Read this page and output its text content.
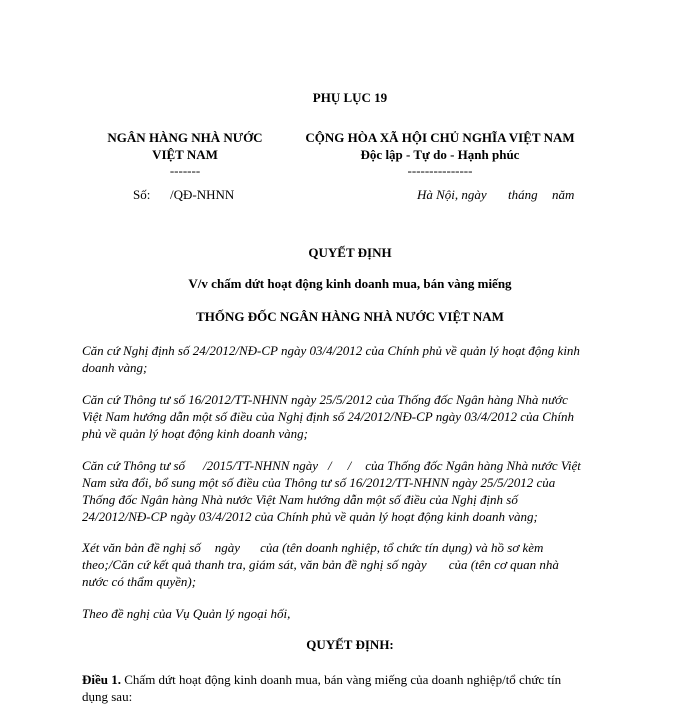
PHỤ LỤC 19
NGÂN HÀNG NHÀ NƯỚC
VIỆT NAM
-------
Số: /QĐ-NHNN
CỘNG HÒA XÃ HỘI CHỦ NGHĨA VIỆT NAM
Độc lập - Tự do - Hạnh phúc
---------------
Hà Nội, ngày tháng năm
QUYẾT ĐỊNH
V/v chấm dứt hoạt động kinh doanh mua, bán vàng miếng
THỐNG ĐỐC NGÂN HÀNG NHÀ NƯỚC VIỆT NAM
Căn cứ Nghị định số 24/2012/NĐ-CP ngày 03/4/2012 của Chính phủ về quản lý hoạt động kinh
doanh vàng;
Căn cứ Thông tư số 16/2012/TT-NHNN ngày 25/5/2012 của Thống đốc Ngân hàng Nhà nước
Việt Nam hướng dẫn một số điều của Nghị định số 24/2012/NĐ-CP ngày 03/4/2012 của Chính
phủ về quản lý hoạt động kinh doanh vàng;
Căn cứ Thông tư số /2015/TT-NHNN ngày / / của Thống đốc Ngân hàng Nhà nước Việt
Nam sửa đổi, bổ sung một số điều của Thông tư số 16/2012/TT-NHNN ngày 25/5/2012 của
Thống đốc Ngân hàng Nhà nước Việt Nam hướng dẫn một số điều của Nghị định số
24/2012/NĐ-CP ngày 03/4/2012 của Chính phủ về quản lý hoạt động kinh doanh vàng;
Xét văn bản đề nghị số ngày của (tên doanh nghiệp, tổ chức tín dụng) và hồ sơ kèm
theo;/Căn cứ kết quả thanh tra, giám sát, văn bản đề nghị số ngày của (tên cơ quan nhà
nước có thẩm quyền);
Theo đề nghị của Vụ Quản lý ngoại hối,
QUYẾT ĐỊNH:
Điều 1. Chấm dứt hoạt động kinh doanh mua, bán vàng miếng của doanh nghiệp/tổ chức tín
dụng sau:
